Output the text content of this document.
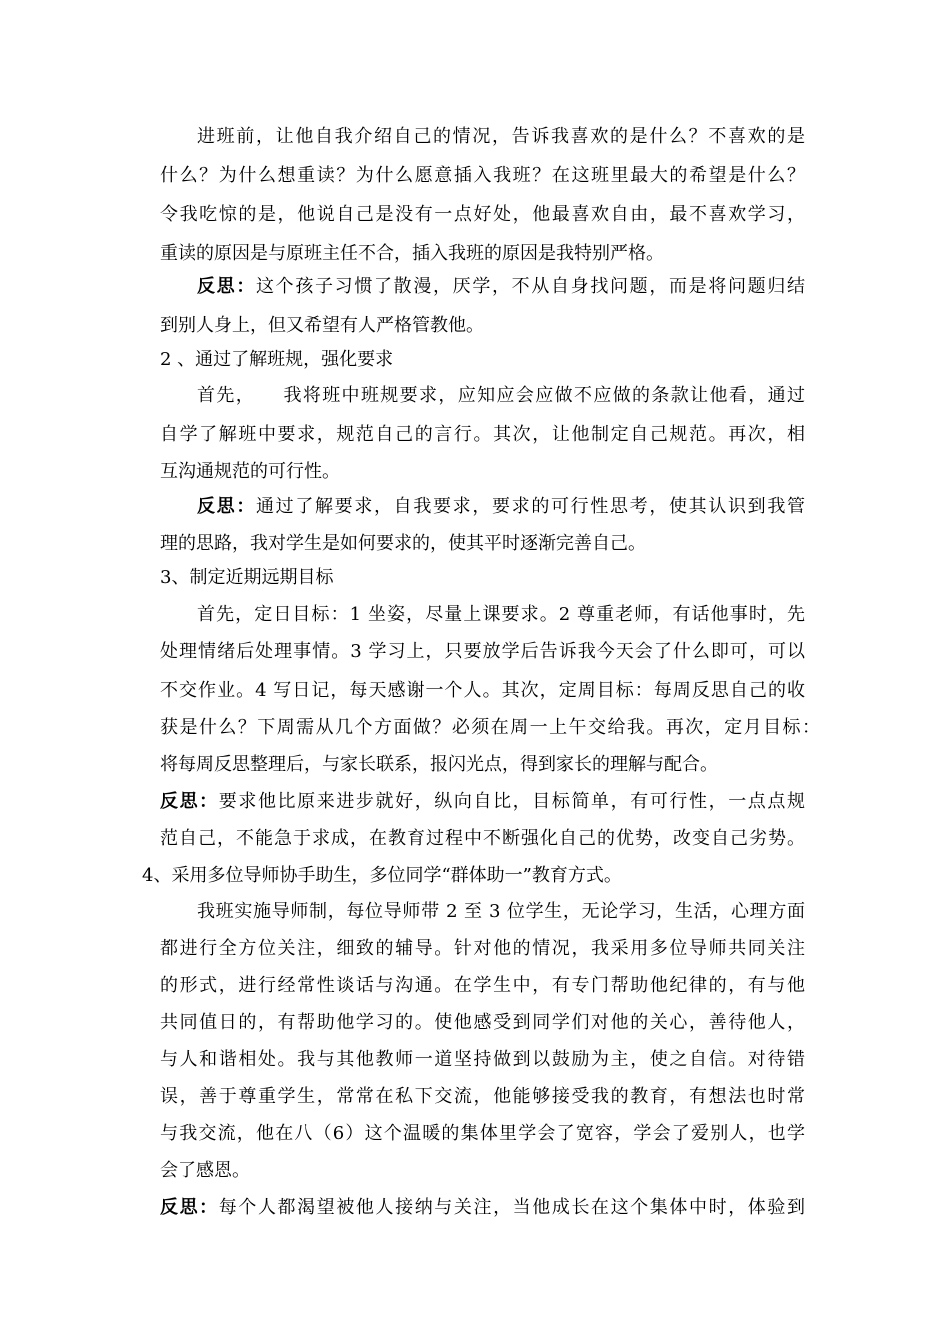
进班前，让他自我介绍自己的情况，告诉我喜欢的是什么？不喜欢的是
什么？为什么想重读？为什么愿意插入我班？在这班里最大的希望是什么？
令我吃惊的是，他说自己是没有一点好处，他最喜欢自由，最不喜欢学习，
重读的原因是与原班主任不合，插入我班的原因是我特别严格。
反思：这个孩子习惯了散漫，厌学，不从自身找问题，而是将问题归结
到别人身上，但又希望有人严格管教他。
2 、通过了解班规，强化要求
首先，    我将班中班规要求，应知应会应做不应做的条款让他看，通过
自学了解班中要求，规范自己的言行。其次，让他制定自己规范。再次，相
互沟通规范的可行性。
反思：通过了解要求，自我要求，要求的可行性思考，使其认识到我管
理的思路，我对学生是如何要求的，使其平时逐渐完善自己。
3、制定近期远期目标
首先，定日目标：1 坐姿，尽量上课要求。2 尊重老师，有话他事时，先
处理情绪后处理事情。3 学习上，只要放学后告诉我今天会了什么即可，可以
不交作业。4 写日记，每天感谢一个人。其次，定周目标：每周反思自己的收
获是什么？下周需从几个方面做？必须在周一上午交给我。再次，定月目标：
将每周反思整理后，与家长联系，报闪光点，得到家长的理解与配合。
反思：要求他比原来进步就好，纵向自比，目标简单，有可行性，一点点规
范自己，不能急于求成，在教育过程中不断强化自己的优势，改变自己劣势。
4、采用多位导师协手助生，多位同学“群体助一”教育方式。
我班实施导师制，每位导师带 2 至 3 位学生，无论学习，生活，心理方面
都进行全方位关注，细致的辅导。针对他的情况，我采用多位导师共同关注
的形式，进行经常性谈话与沟通。在学生中，有专门帮助他纪律的，有与他
共同值日的，有帮助他学习的。使他感受到同学们对他的关心，善待他人，
与人和谐相处。我与其他教师一道坚持做到以鼓励为主，使之自信。对待错
误，善于尊重学生，常常在私下交流，他能够接受我的教育，有想法也时常
与我交流，他在八（6）这个温暖的集体里学会了宽容，学会了爱别人，也学
会了感恩。
反思：每个人都渴望被他人接纳与关注，当他成长在这个集体中时，体验到
